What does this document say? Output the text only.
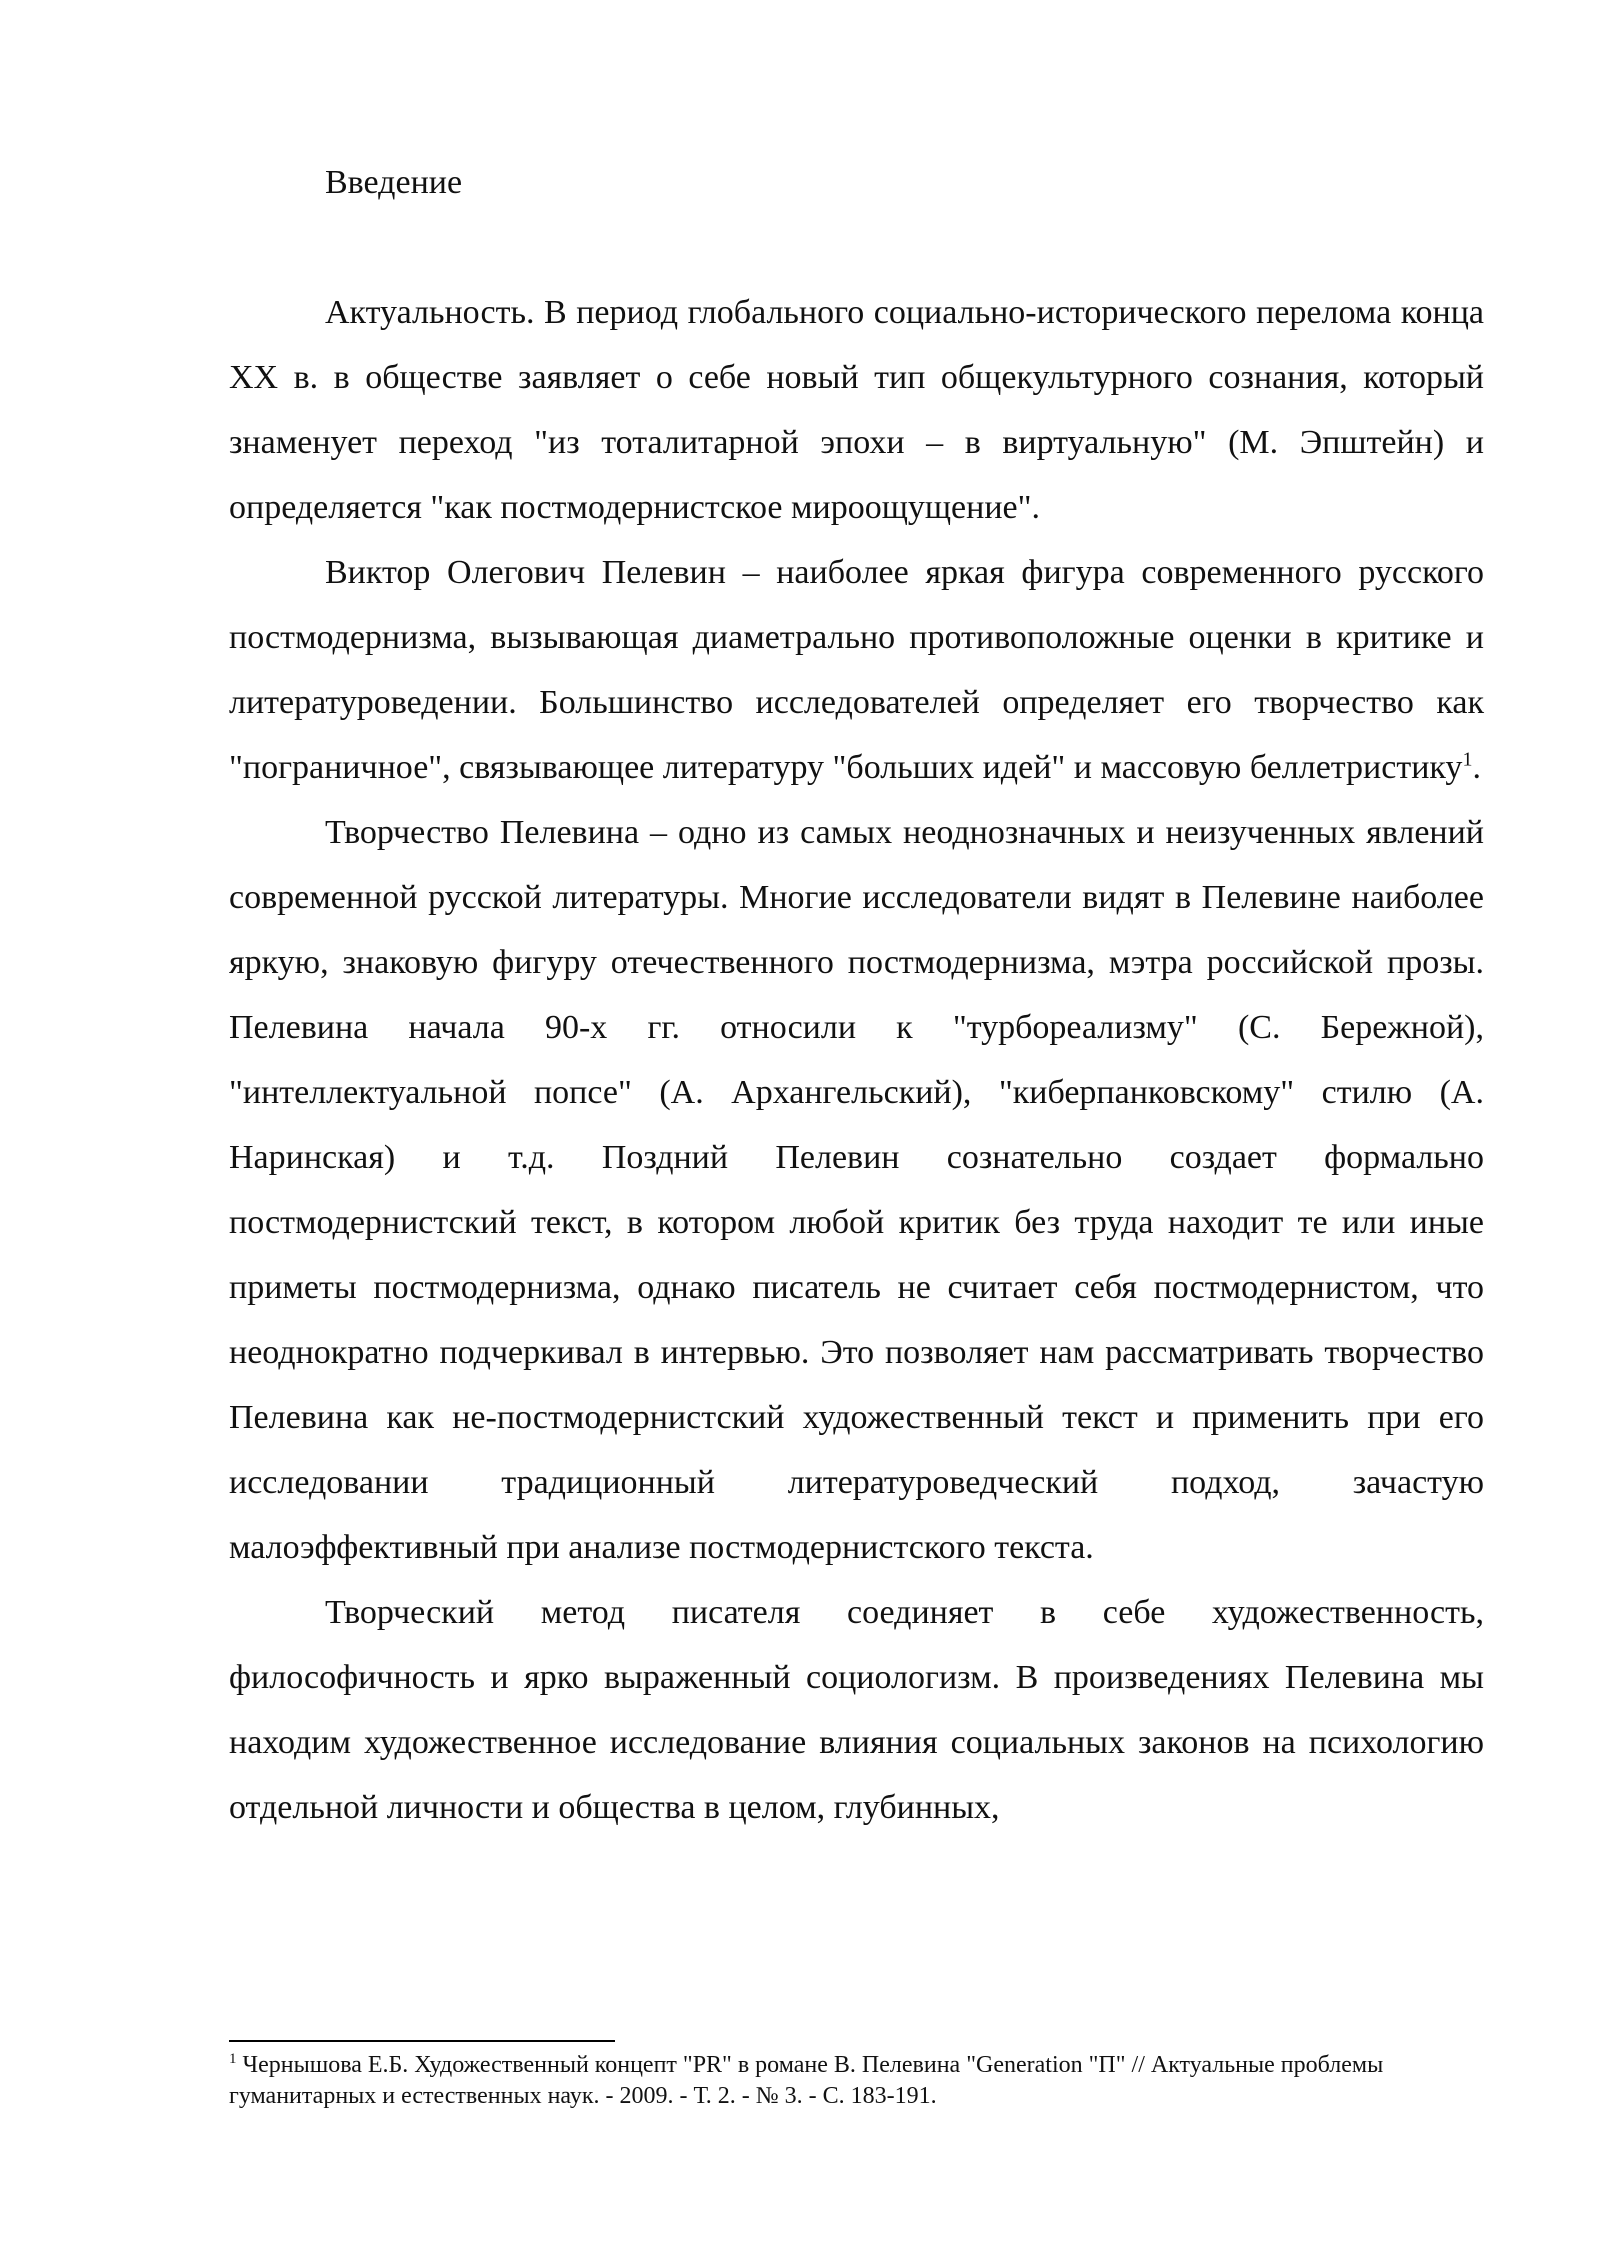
Введение

Актуальность. В период глобального социально-исторического перелома конца XX в. в обществе заявляет о себе новый тип общекультурного сознания, который знаменует переход "из тоталитарной эпохи – в виртуальную" (М. Эпштейн) и определяется "как постмодернистское мироощущение".

Виктор Олегович Пелевин – наиболее яркая фигура современного русского постмодернизма, вызывающая диаметрально противоположные оценки в критике и литературоведении. Большинство исследователей определяет его творчество как "пограничное", связывающее литературу "больших идей" и массовую беллетристику$^1$.

Творчество Пелевина – одно из самых неоднозначных и неизученных явлений современной русской литературы. Многие исследователи видят в Пелевине наиболее яркую, знаковую фигуру отечественного постмодернизма, мэтра российской прозы. Пелевина начала 90-х гг. относили к "турбореализму" (С. Бережной), "интеллектуальной попсе" (А. Архангельский), "киберпанковскому" стилю (А. Наринская) и т.д. Поздний Пелевин сознательно создает формально постмодернистский текст, в котором любой критик без труда находит те или иные приметы постмодернизма, однако писатель не считает себя постмодернистом, что неоднократно подчеркивал в интервью. Это позволяет нам рассматривать творчество Пелевина как не-постмодернистский художественный текст и применить при его исследовании традиционный литературоведческий подход, зачастую малоэффективный при анализе постмодернистского текста.

Творческий метод писателя соединяет в себе художественность, философичность и ярко выраженный социологизм. В произведениях Пелевина мы находим художественное исследование влияния социальных законов на психологию отдельной личности и общества в целом, глубинных,

$^1$ Чернышова Е.Б. Художественный концепт "PR" в романе В. Пелевина "Generation "П" // Актуальные проблемы гуманитарных и естественных наук. - 2009. - Т. 2. - № 3. - С. 183-191.
